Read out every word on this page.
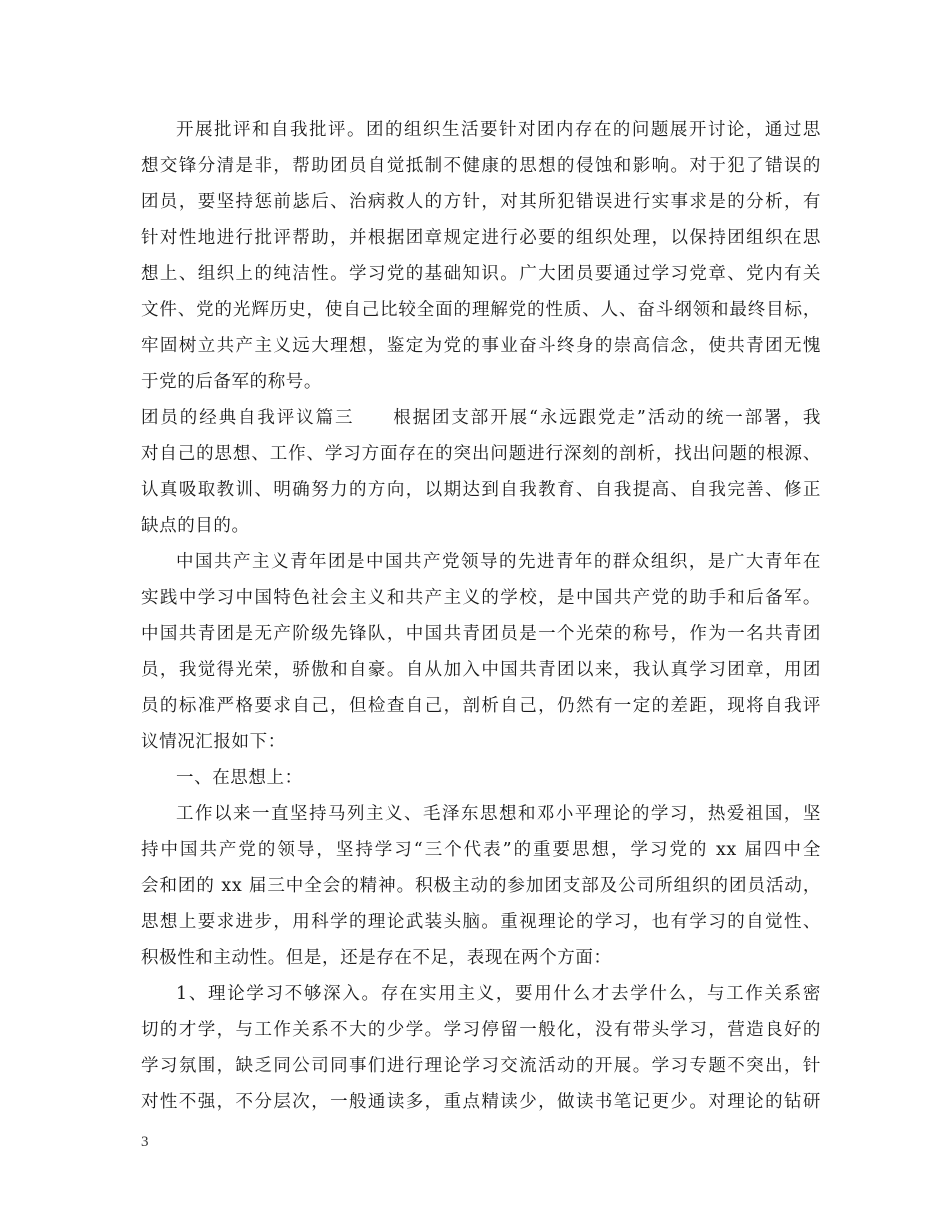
开展批评和自我批评。团的组织生活要针对团内存在的问题展开讨论，通过思
想交锋分清是非，帮助团员自觉抵制不健康的思想的侵蚀和影响。对于犯了错误的
团员，要坚持惩前毖后、治病救人的方针，对其所犯错误进行实事求是的分析，有
针对性地进行批评帮助，并根据团章规定进行必要的组织处理，以保持团组织在思
想上、组织上的纯洁性。学习党的基础知识。广大团员要通过学习党章、党内有关
文件、党的光辉历史，使自己比较全面的理解党的性质、人、奋斗纲领和最终目标，
牢固树立共产主义远大理想，鉴定为党的事业奋斗终身的崇高信念，使共青团无愧
于党的后备军的称号。
团员的经典自我评议篇三　　根据团支部开展“永远跟党走”活动的统一部署，我
对自己的思想、工作、学习方面存在的突出问题进行深刻的剖析，找出问题的根源、
认真吸取教训、明确努力的方向，以期达到自我教育、自我提高、自我完善、修正
缺点的目的。
中国共产主义青年团是中国共产党领导的先进青年的群众组织，是广大青年在
实践中学习中国特色社会主义和共产主义的学校，是中国共产党的助手和后备军。
中国共青团是无产阶级先锋队，中国共青团员是一个光荣的称号，作为一名共青团
员，我觉得光荣，骄傲和自豪。自从加入中国共青团以来，我认真学习团章，用团
员的标准严格要求自己，但检查自己，剖析自己，仍然有一定的差距，现将自我评
议情况汇报如下：
一、在思想上：
工作以来一直坚持马列主义、毛泽东思想和邓小平理论的学习，热爱祖国，坚
持中国共产党的领导，坚持学习“三个代表”的重要思想，学习党的 xx 届四中全
会和团的 xx 届三中全会的精神。积极主动的参加团支部及公司所组织的团员活动，
思想上要求进步，用科学的理论武装头脑。重视理论的学习，也有学习的自觉性、
积极性和主动性。但是，还是存在不足，表现在两个方面：
1、理论学习不够深入。存在实用主义，要用什么才去学什么，与工作关系密
切的才学，与工作关系不大的少学。学习停留一般化，没有带头学习，营造良好的
学习氛围，缺乏同公司同事们进行理论学习交流活动的开展。学习专题不突出，针
对性不强，不分层次，一般通读多，重点精读少，做读书笔记更少。对理论的钻研
3
